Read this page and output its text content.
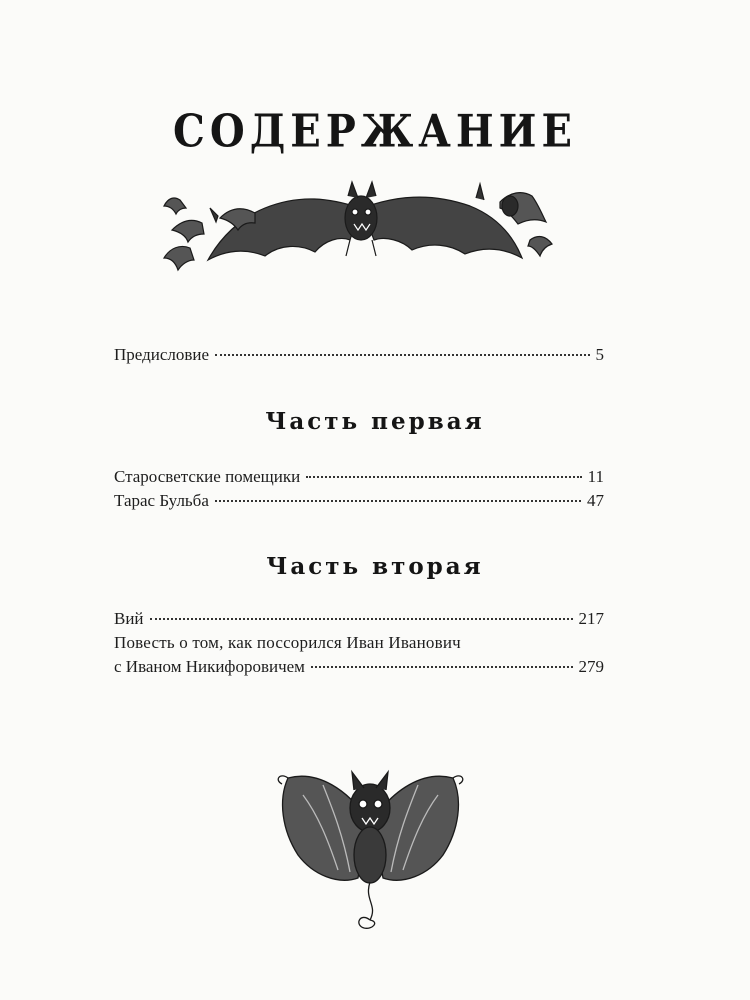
СОДЕРЖАНИЕ
Предисловие	5
Часть первая
Старосветские помещики	11
Тарас Бульба	47
Часть вторая
Вий	217
Повесть о том, как поссорился Иван Иванович
с Иваном Никифоровичем	279
